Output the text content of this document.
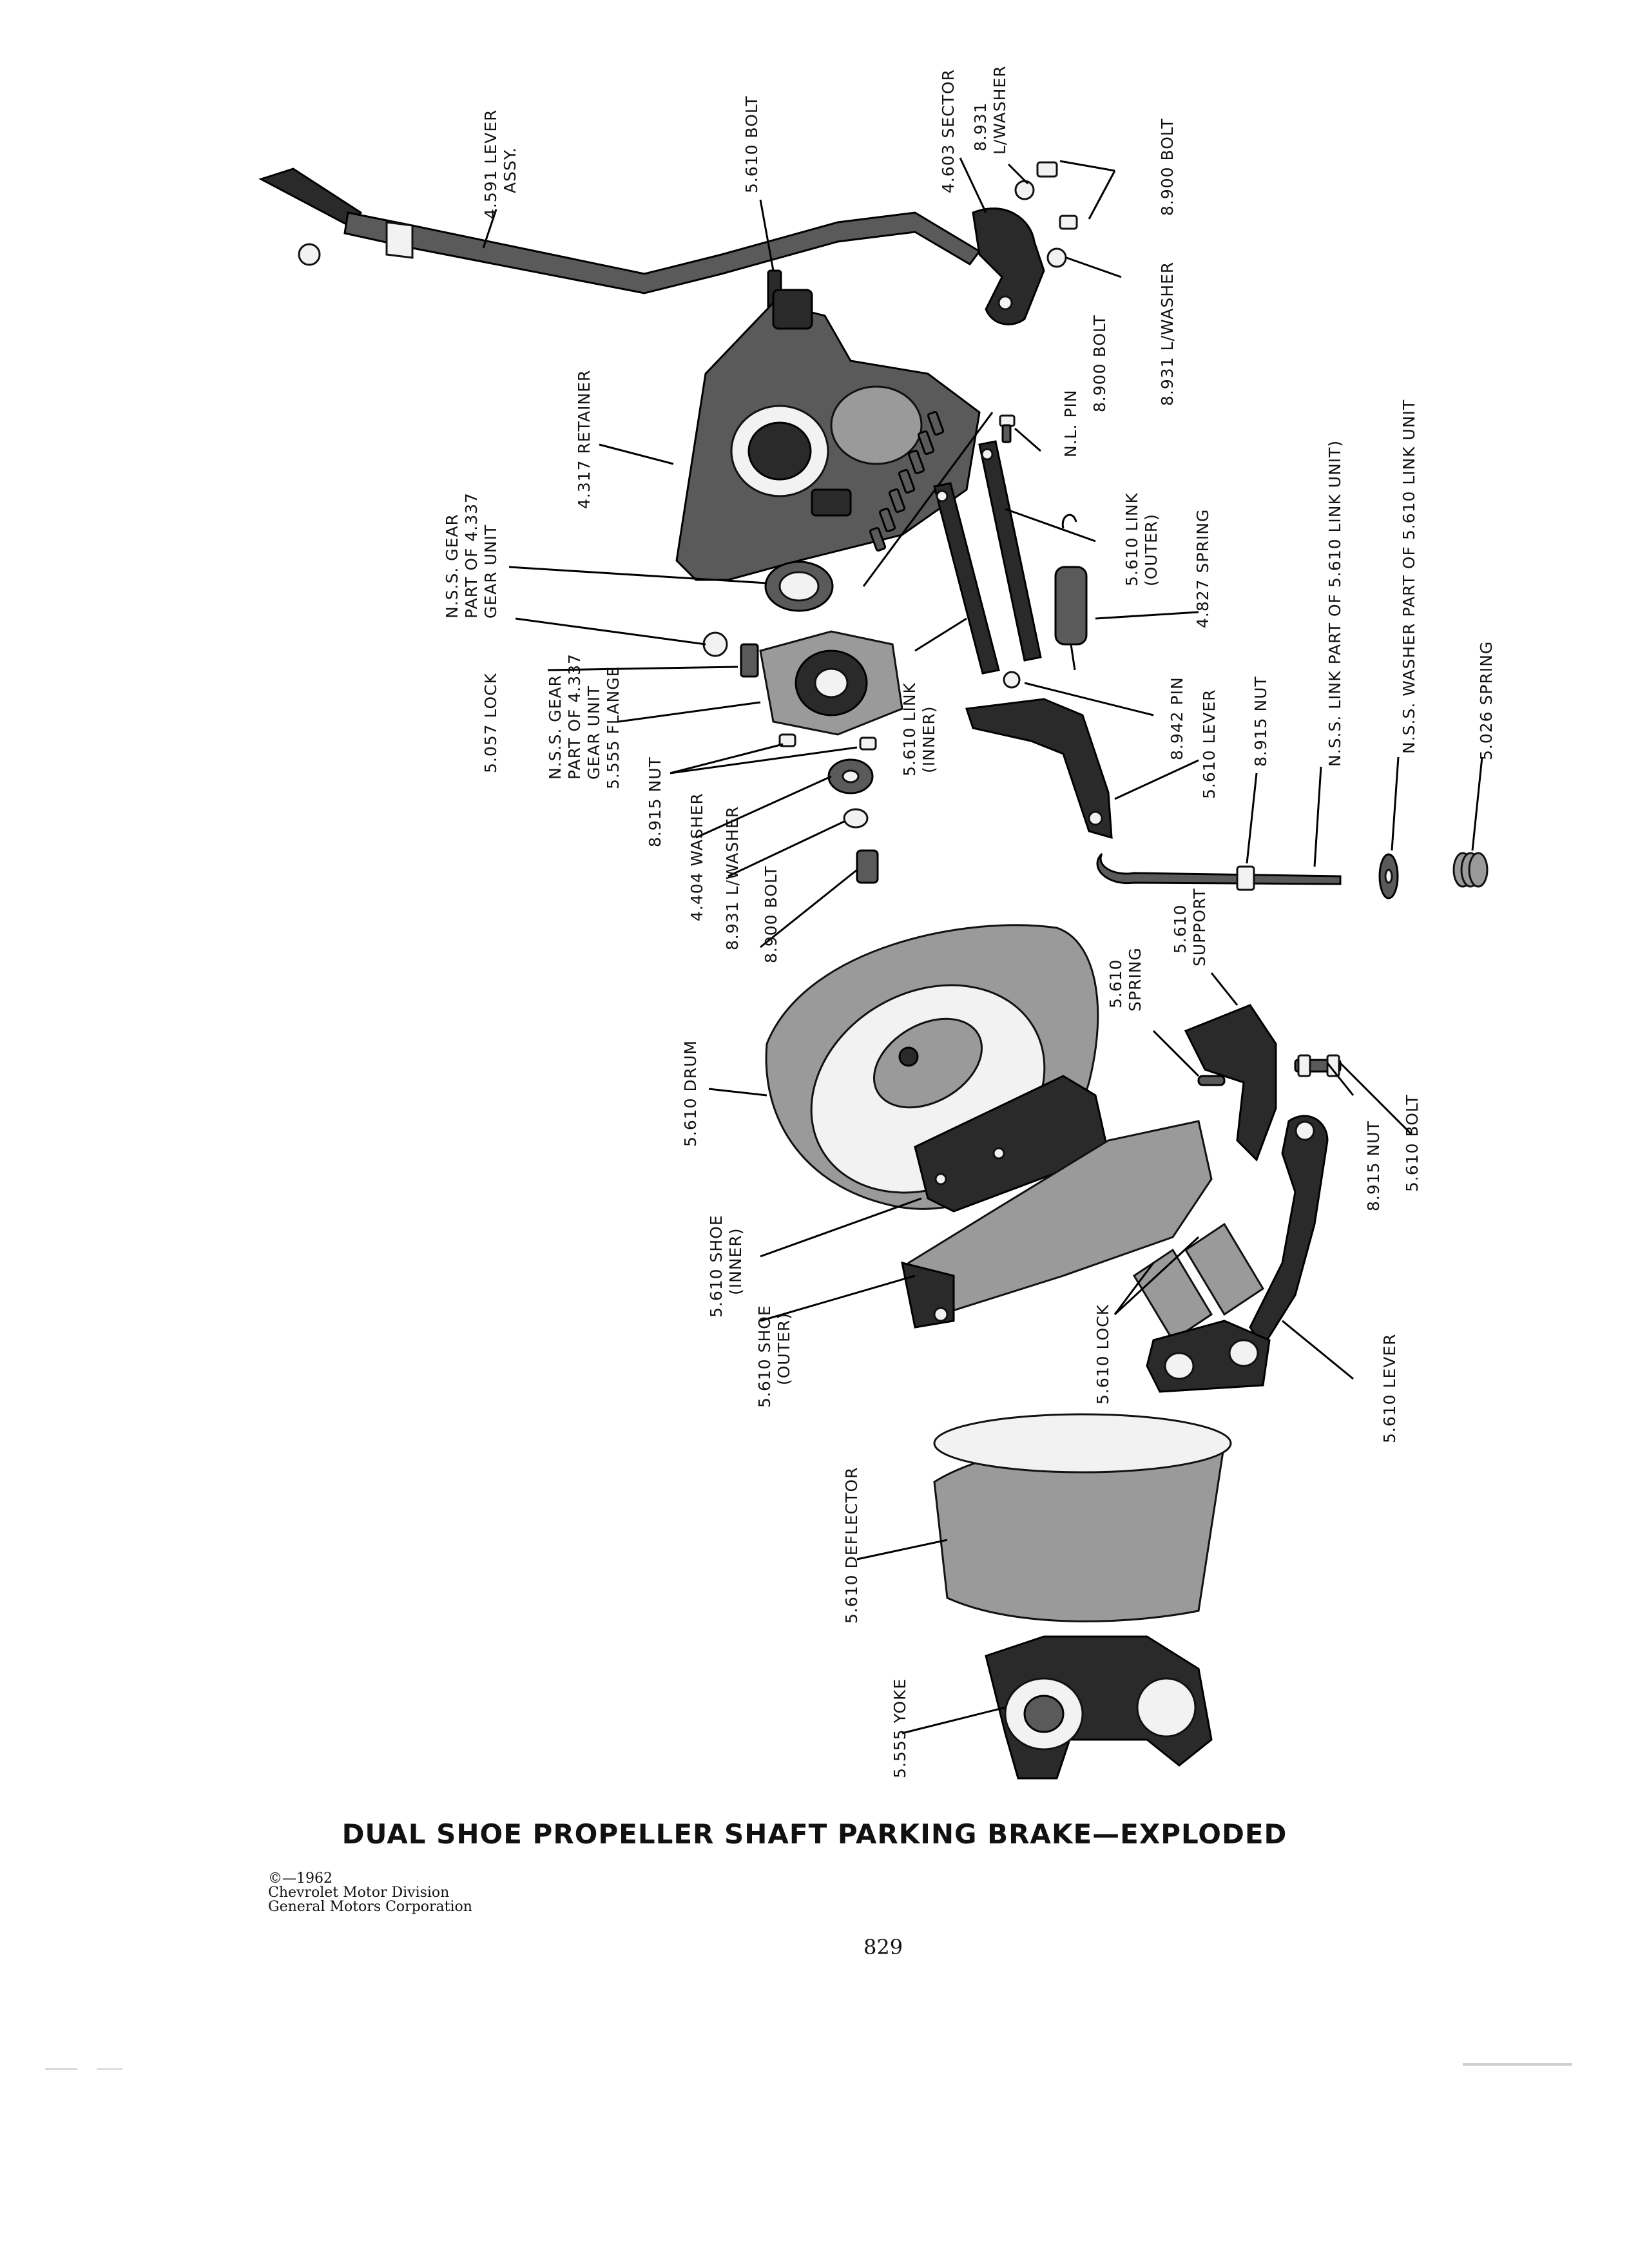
4.591 LEVER ASSY.	5.610 BOLT	4.603 SECTOR 8.931 L/WASHER
8.900 BOLT
8.931 L/WASHER
8.900 BOLT
4.317 RETAINER	N.L. PIN
N.S.S. GEAR PART OF 4.337 GEAR UNIT	5.610 LINK (OUTER) 4.827 SPRING	N.S.S. LINK PART OF 5.610 LINK UNIT)	N.S.S. WASHER PART OF 5.610 LINK UNIT
5.057 LOCK	N.S.S. GEAR PART OF 4.337 GEAR UNIT 5.555 FLANGE	5.610 LINK (INNER)	8.942 PIN 5.610 LEVER 8.915 NUT	5.026 SPRING
8.915 NUT 4.404 WASHER 8.931 L/WASHER 8.900 BOLT	5.610 SUPPORT
5.610 SPRING
5.610 DRUM
8.915 NUT 5.610 BOLT
5.610 SHOE (INNER)
5.610 SHOE (OUTER)	5.610 LOCK	5.610 LEVER
5.610 DEFLECTOR
5.555 YOKE
DUAL SHOE PROPELLER SHAFT PARKING BRAKE—EXPLODED
©—1962
Chevrolet Motor Division
General Motors Corporation
829
